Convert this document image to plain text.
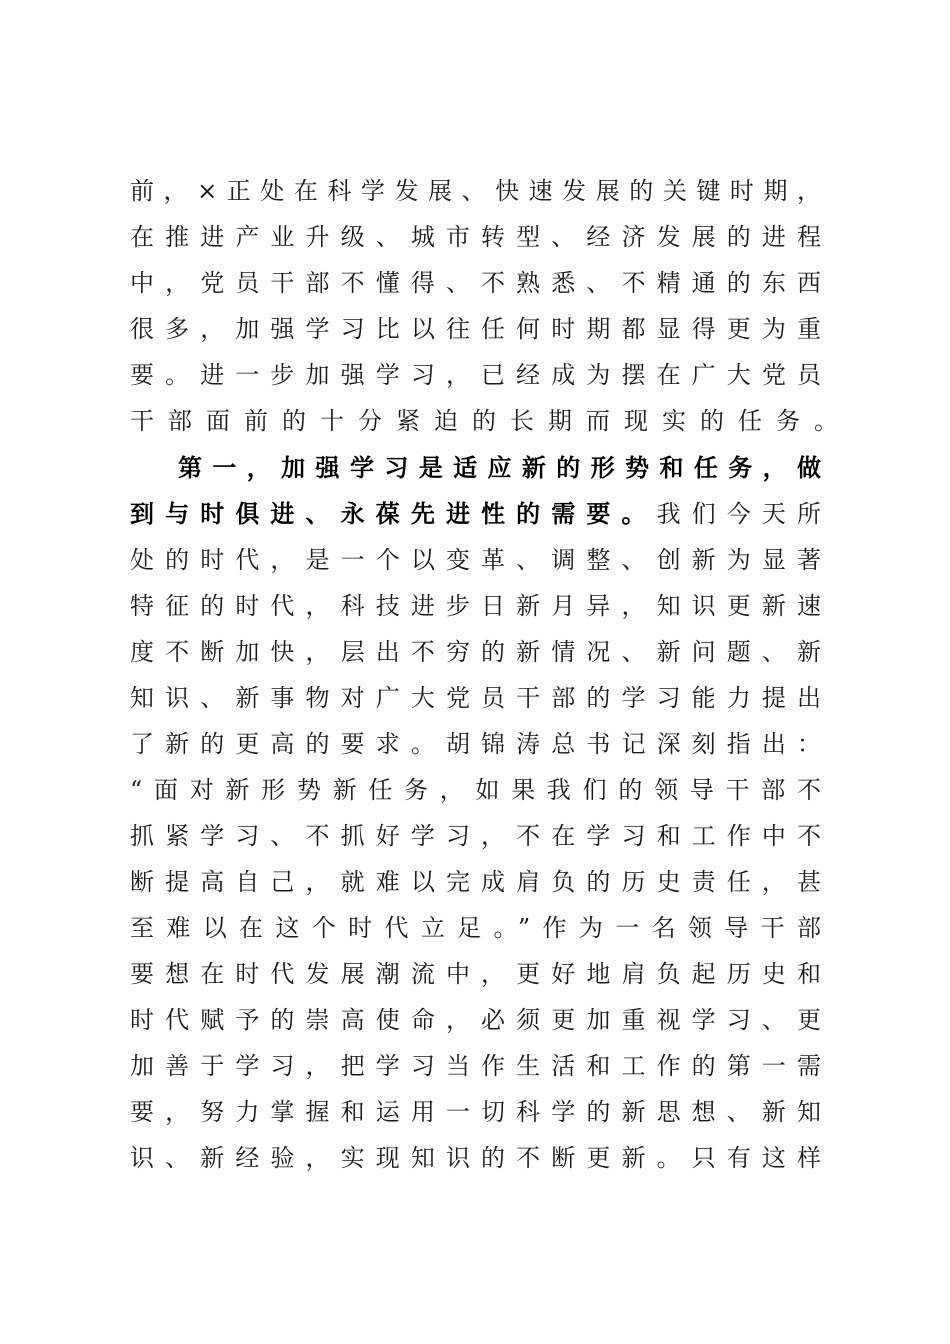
前，×正处在科学发展、快速发展的关键时期，
在推进产业升级、城市转型、经济发展的进程
中，党员干部不懂得、不熟悉、不精通的东西
很多，加强学习比以往任何时期都显得更为重
要。进一步加强学习，已经成为摆在广大党员
干部面前的十分紧迫的长期而现实的任务。
第一，加强学习是适应新的形势和任务，做
到与时俱进、永葆先进性的需要。我们今天所
处的时代，是一个以变革、调整、创新为显著
特征的时代，科技进步日新月异，知识更新速
度不断加快，层出不穷的新情况、新问题、新
知识、新事物对广大党员干部的学习能力提出
了新的更高的要求。胡锦涛总书记深刻指出：
“面对新形势新任务，如果我们的领导干部不
抓紧学习、不抓好学习，不在学习和工作中不
断提高自己，就难以完成肩负的历史责任，甚
至难以在这个时代立足。”作为一名领导干部
要想在时代发展潮流中，更好地肩负起历史和
时代赋予的崇高使命，必须更加重视学习、更
加善于学习，把学习当作生活和工作的第一需
要，努力掌握和运用一切科学的新思想、新知
识、新经验，实现知识的不断更新。只有这样
